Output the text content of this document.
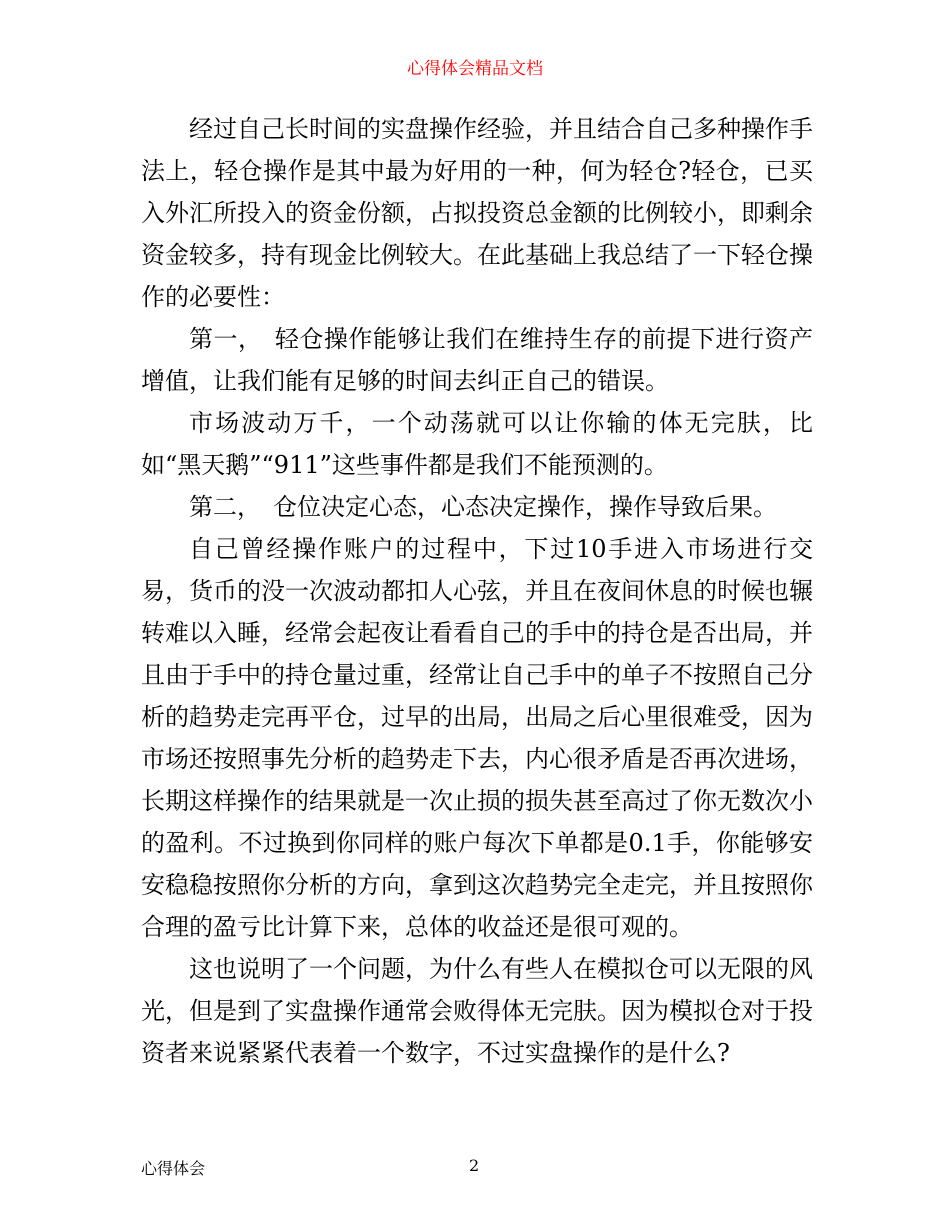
心得体会精品文档

经过自己长时间的实盘操作经验，并且结合自己多种操作手法上，轻仓操作是其中最为好用的一种，何为轻仓?轻仓，已买入外汇所投入的资金份额，占拟投资总金额的比例较小，即剩余资金较多，持有现金比例较大。在此基础上我总结了一下轻仓操作的必要性：

第一，　轻仓操作能够让我们在维持生存的前提下进行资产增值，让我们能有足够的时间去纠正自己的错误。

市场波动万千，一个动荡就可以让你输的体无完肤，比如“黑天鹅”“911”这些事件都是我们不能预测的。

第二，　仓位决定心态，心态决定操作，操作导致后果。

自己曾经操作账户的过程中，下过10手进入市场进行交易，货币的没一次波动都扣人心弦，并且在夜间休息的时候也辗转难以入睡，经常会起夜让看看自己的手中的持仓是否出局，并且由于手中的持仓量过重，经常让自己手中的单子不按照自己分析的趋势走完再平仓，过早的出局，出局之后心里很难受，因为市场还按照事先分析的趋势走下去，内心很矛盾是否再次进场，长期这样操作的结果就是一次止损的损失甚至高过了你无数次小的盈利。不过换到你同样的账户每次下单都是0.1手，你能够安安稳稳按照你分析的方向，拿到这次趋势完全走完，并且按照你合理的盈亏比计算下来，总体的收益还是很可观的。

这也说明了一个问题，为什么有些人在模拟仓可以无限的风光，但是到了实盘操作通常会败得体无完肤。因为模拟仓对于投资者来说紧紧代表着一个数字，不过实盘操作的是什么?

心得体会	2
